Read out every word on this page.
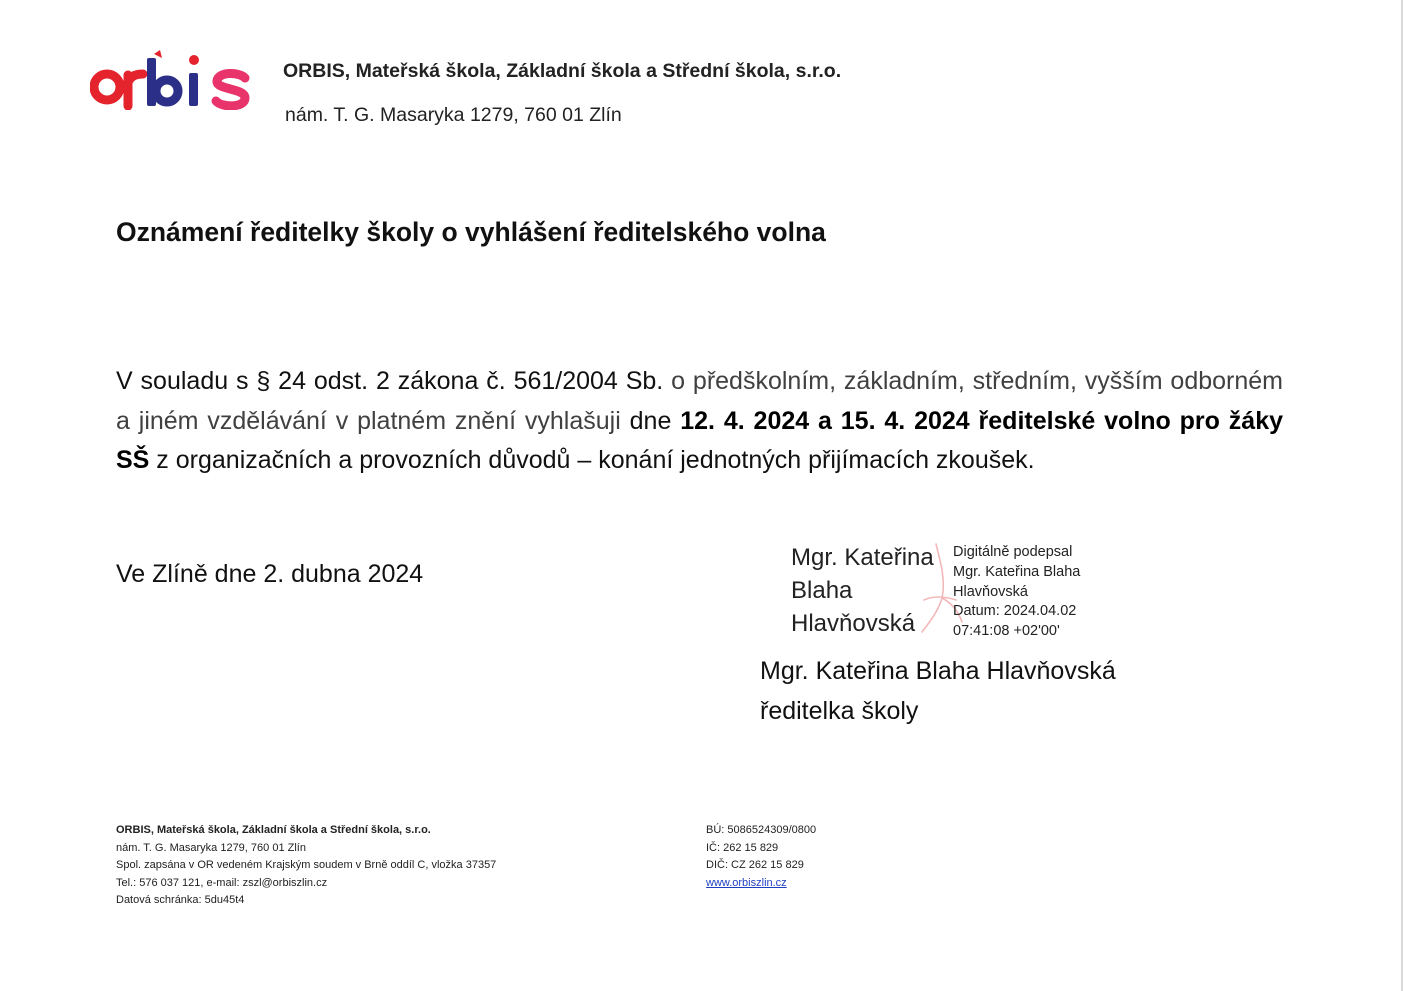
ORBIS, Mateřská škola, Základní škola a Střední škola, s.r.o.
nám. T. G. Masaryka 1279, 760 01 Zlín
Oznámení ředitelky školy o vyhlášení ředitelského volna
V souladu s § 24 odst. 2 zákona č. 561/2004 Sb. o předškolním, základním, středním, vyšším odborném a jiném vzdělávání v platném znění vyhlašuji dne 12. 4. 2024 a 15. 4. 2024 ředitelské volno pro žáky SŠ z organizačních a provozních důvodů – konání jednotných přijímacích zkoušek.
Ve Zlíně dne 2. dubna 2024
Mgr. Kateřina
Blaha
Hlavňovská
Digitálně podepsal
Mgr. Kateřina Blaha
Hlavňovská
Datum: 2024.04.02
07:41:08 +02'00'
Mgr. Kateřina Blaha Hlavňovská
ředitelka školy
ORBIS, Mateřská škola, Základní škola a Střední škola, s.r.o.
nám. T. G. Masaryka 1279, 760 01 Zlín
Spol. zapsána v OR vedeném Krajským soudem v Brně oddíl C, vložka 37357
Tel.: 576 037 121, e-mail: zszl@orbiszlin.cz
Datová schránka: 5du45t4
BÚ: 5086524309/0800
IČ: 262 15 829
DIČ: CZ 262 15 829
www.orbiszlin.cz
